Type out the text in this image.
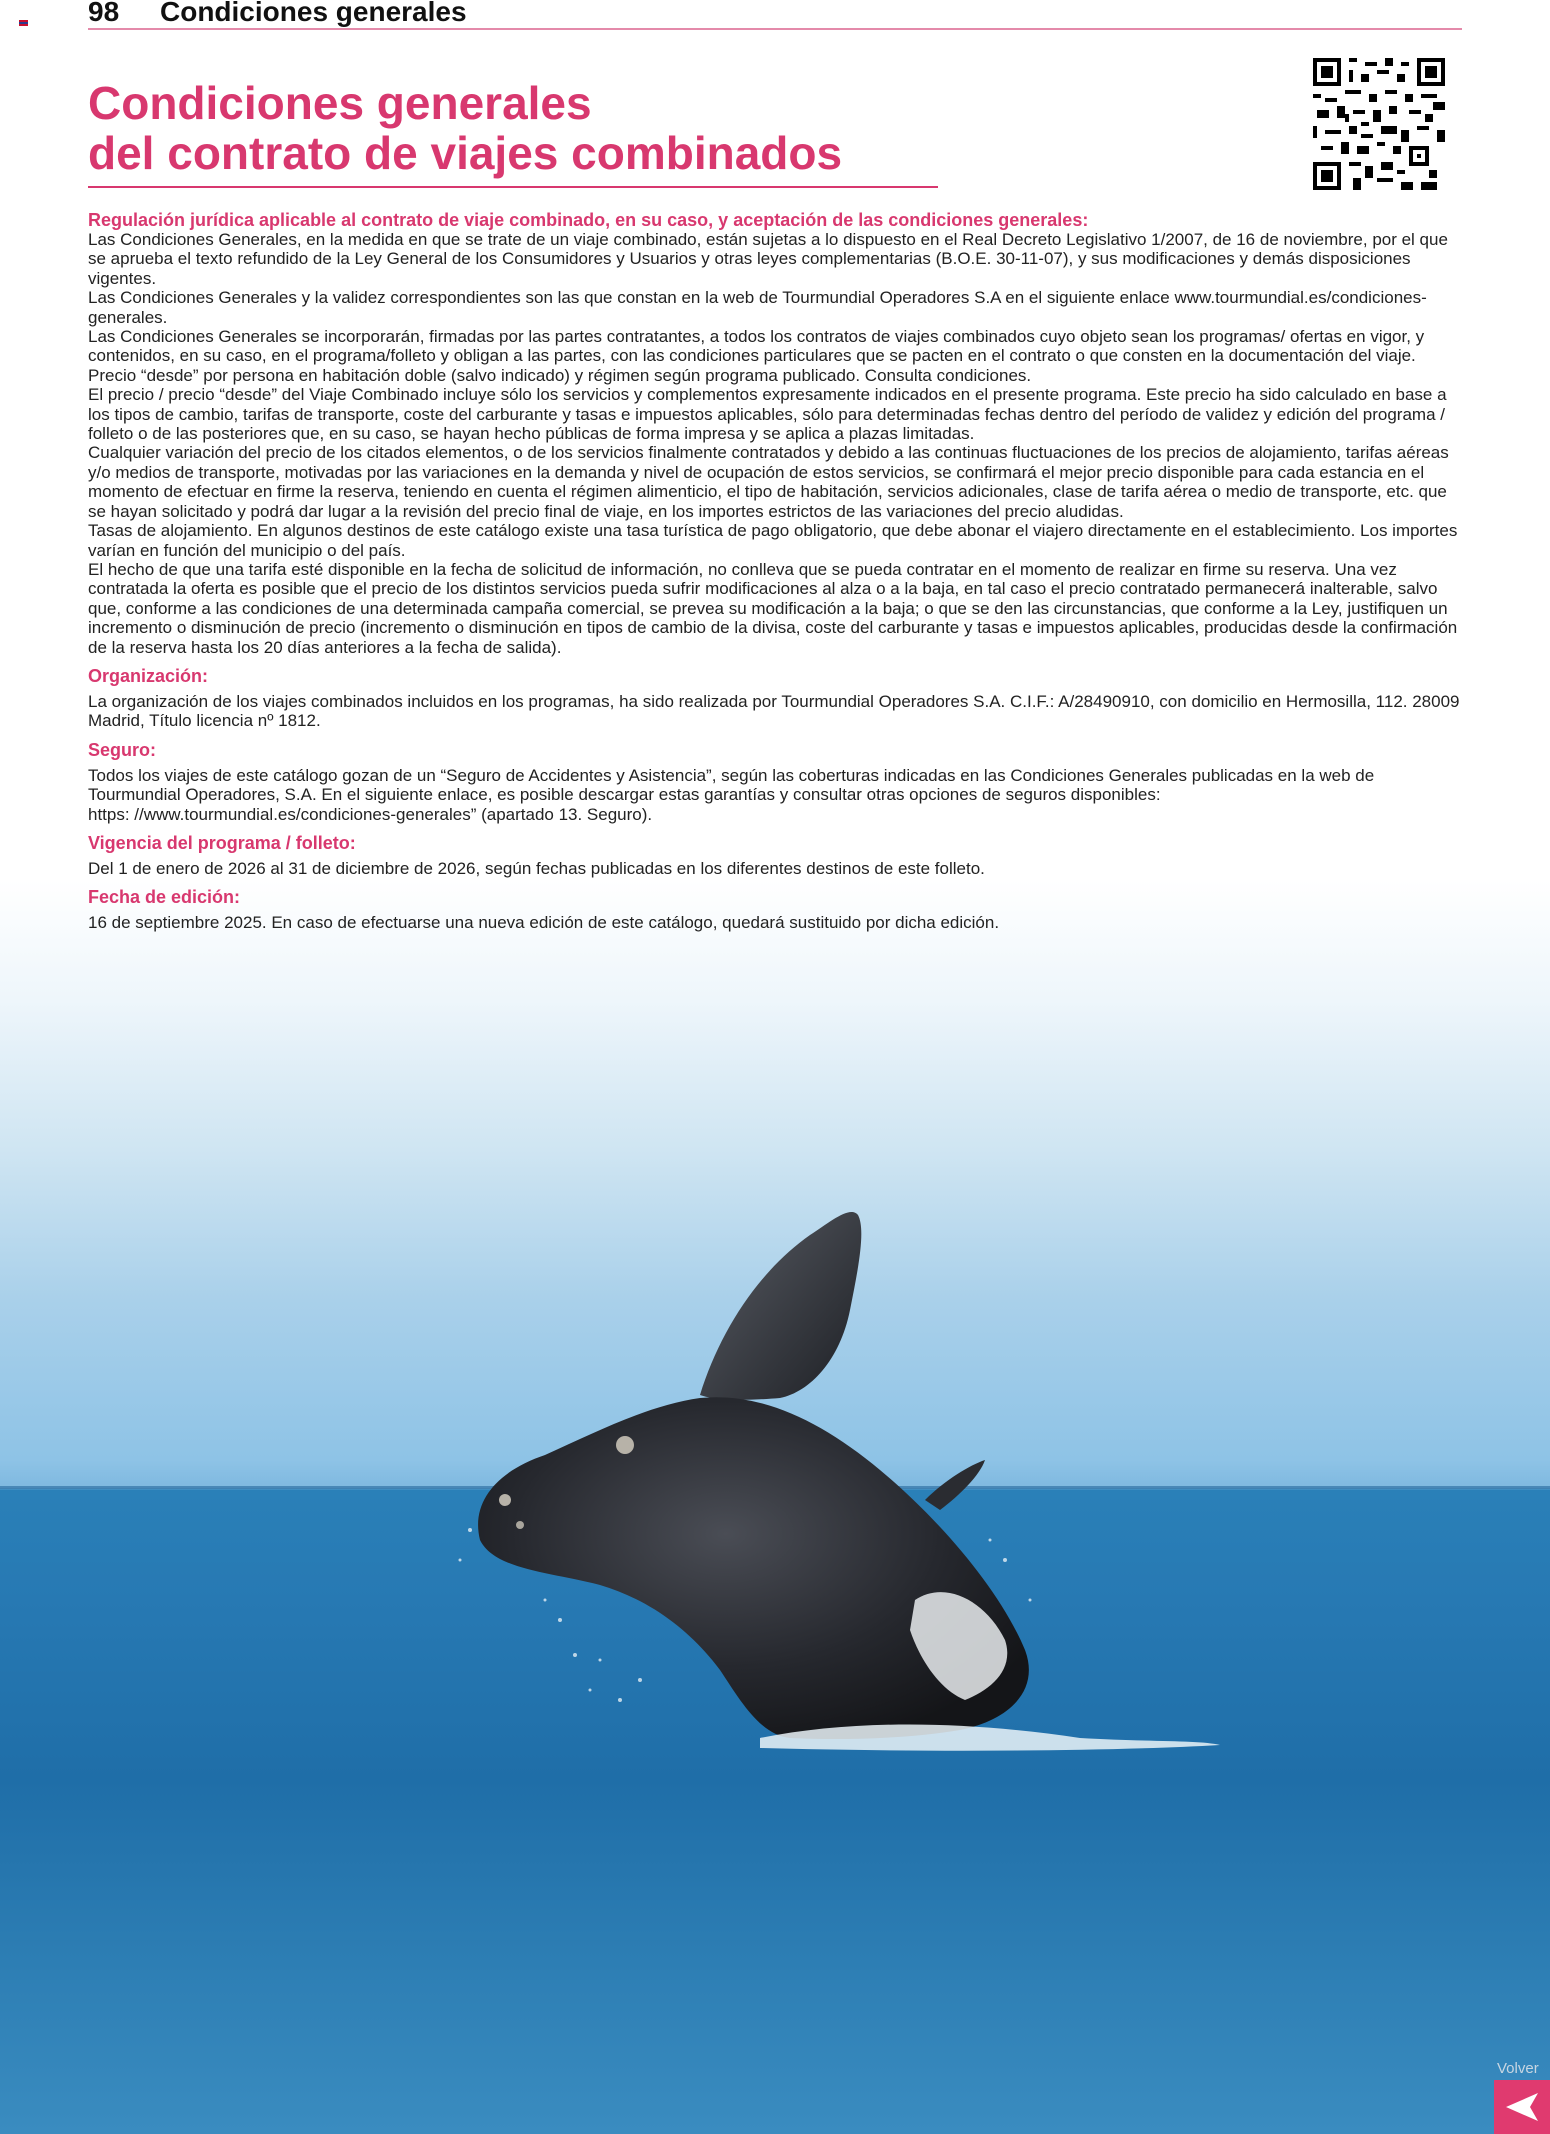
98 Condiciones generales
Condiciones generales
del contrato de viajes combinados

Regulación jurídica aplicable al contrato de viaje combinado, en su caso, y aceptación de las condiciones generales:

Las Condiciones Generales, en la medida en que se trate de un viaje combinado, están sujetas a lo dispuesto en el Real Decreto Legislativo 1/2007, de 16 de noviembre, por el que se aprueba el texto refundido de la Ley General de los Consumidores y Usuarios y otras leyes complementarias (B.O.E. 30-11-07), y sus modificaciones y demás disposiciones vigentes.

Las Condiciones Generales y la validez correspondientes son las que constan en la web de Tourmundial Operadores S.A en el siguiente enlace www.tourmundial.es/condiciones-generales.

Las Condiciones Generales se incorporarán, firmadas por las partes contratantes, a todos los contratos de viajes combinados cuyo objeto sean los programas/ ofertas en vigor, y contenidos, en su caso, en el programa/folleto y obligan a las partes, con las condiciones particulares que se pacten en el contrato o que consten en la documentación del viaje.

Precio “desde” por persona en habitación doble (salvo indicado) y régimen según programa publicado. Consulta condiciones.

El precio / precio “desde” del Viaje Combinado incluye sólo los servicios y complementos expresamente indicados en el presente programa. Este precio ha sido calculado en base a los tipos de cambio, tarifas de transporte, coste del carburante y tasas e impuestos aplicables, sólo para determinadas fechas dentro del período de validez y edición del programa / folleto o de las posteriores que, en su caso, se hayan hecho públicas de forma impresa y se aplica a plazas limitadas.

Cualquier variación del precio de los citados elementos, o de los servicios finalmente contratados y debido a las continuas fluctuaciones de los precios de alojamiento, tarifas aéreas y/o medios de transporte, motivadas por las variaciones en la demanda y nivel de ocupación de estos servicios, se confirmará el mejor precio disponible para cada estancia en el momento de efectuar en firme la reserva, teniendo en cuenta el régimen alimenticio, el tipo de habitación, servicios adicionales, clase de tarifa aérea o medio de transporte, etc. que se hayan solicitado y podrá dar lugar a la revisión del precio final de viaje, en los importes estrictos de las variaciones del precio aludidas.

Tasas de alojamiento. En algunos destinos de este catálogo existe una tasa turística de pago obligatorio, que debe abonar el viajero directamente en el establecimiento. Los importes varían en función del municipio o del país.

El hecho de que una tarifa esté disponible en la fecha de solicitud de información, no conlleva que se pueda contratar en el momento de realizar en firme su reserva. Una vez contratada la oferta es posible que el precio de los distintos servicios pueda sufrir modificaciones al alza o a la baja, en tal caso el precio contratado permanecerá inalterable, salvo que, conforme a las condiciones de una determinada campaña comercial, se prevea su modificación a la baja; o que se den las circunstancias, que conforme a la Ley, justifiquen un incremento o disminución de precio (incremento o disminución en tipos de cambio de la divisa, coste del carburante y tasas e impuestos aplicables, producidas desde la confirmación de la reserva hasta los 20 días anteriores a la fecha de salida).

Organización:

La organización de los viajes combinados incluidos en los programas, ha sido realizada por Tourmundial Operadores S.A. C.I.F.: A/28490910, con domicilio en Hermosilla, 112. 28009 Madrid, Título licencia nº 1812.

Seguro:

Todos los viajes de este catálogo gozan de un “Seguro de Accidentes y Asistencia”, según las coberturas indicadas en las Condiciones Generales publicadas en la web de Tourmundial Operadores, S.A. En el siguiente enlace, es posible descargar estas garantías y consultar otras opciones de seguros disponibles:

https: //www.tourmundial.es/condiciones-generales” (apartado 13. Seguro).

Vigencia del programa / folleto:

Del 1 de enero de 2026 al 31 de diciembre de 2026, según fechas publicadas en los diferentes destinos de este folleto.

Fecha de edición:

16 de septiembre 2025. En caso de efectuarse una nueva edición de este catálogo, quedará sustituido por dicha edición.

Volver
